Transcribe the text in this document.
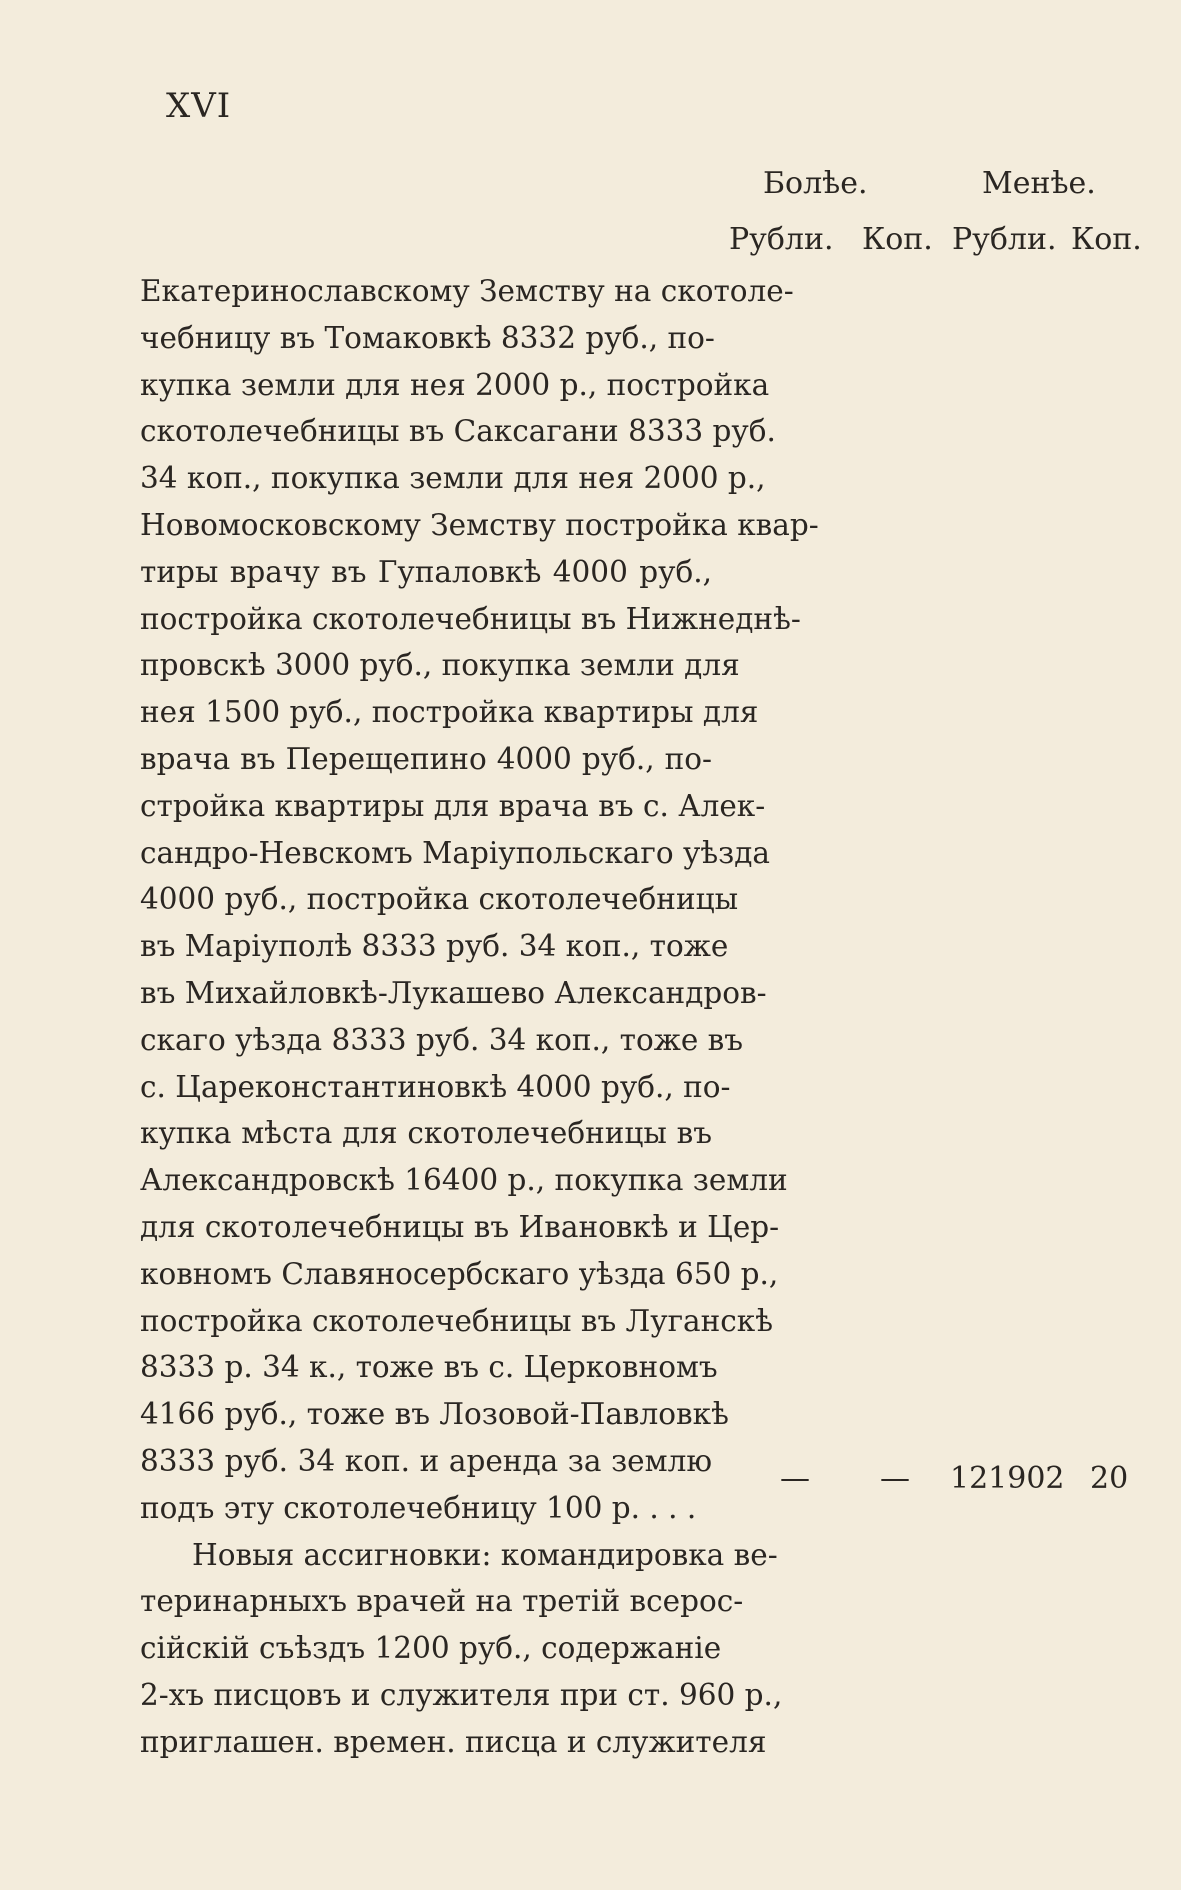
XVI
Болѣе.	Менѣе.
Рубли. Коп. Рубли. Коп.
Екатеринославскому Земству на скотоле-
чебницу въ Томаковкѣ 8332 руб., по-
купка земли для нея 2000 р., постройка
скотолечебницы въ Саксагани 8333 руб.
34 коп., покупка земли для нея 2000 р.,
Новомосковскому Земству постройка квар-
тиры врачу въ Гупаловкѣ 4000 руб.,
постройка скотолечебницы въ Нижнеднѣ-
провскѣ 3000 руб., покупка земли для
нея 1500 руб., постройка квартиры для
врача въ Перещепино 4000 руб., по-
стройка квартиры для врача въ с. Алек-
сандро-Невскомъ Маріупольскаго уѣзда
4000 руб., постройка скотолечебницы
въ Маріуполѣ 8333 руб. 34 коп., тоже
въ Михайловкѣ-Лукашево Александров-
скаго уѣзда 8333 руб. 34 коп., тоже въ
с. Цареконстантиновкѣ 4000 руб., по-
купка мѣста для скотолечебницы въ
Александровскѣ 16400 р., покупка земли
для скотолечебницы въ Ивановкѣ и Цер-
ковномъ Славяносербскаго уѣзда 650 р.,
постройка скотолечебницы въ Луганскѣ
8333 р. 34 к., тоже въ с. Церковномъ
4166 руб., тоже въ Лозовой-Павловкѣ
8333 руб. 34 коп. и аренда за землю
подъ эту скотолечебницу 100 р. . . .
Новыя ассигновки: командировка ве-
теринарныхъ врачей на третій всерос-
сійскій съѣздъ 1200 руб., содержаніе
2-хъ писцовъ и служителя при ст. 960 р.,
приглашен. времен. писца и служителя
— — 121902 20
